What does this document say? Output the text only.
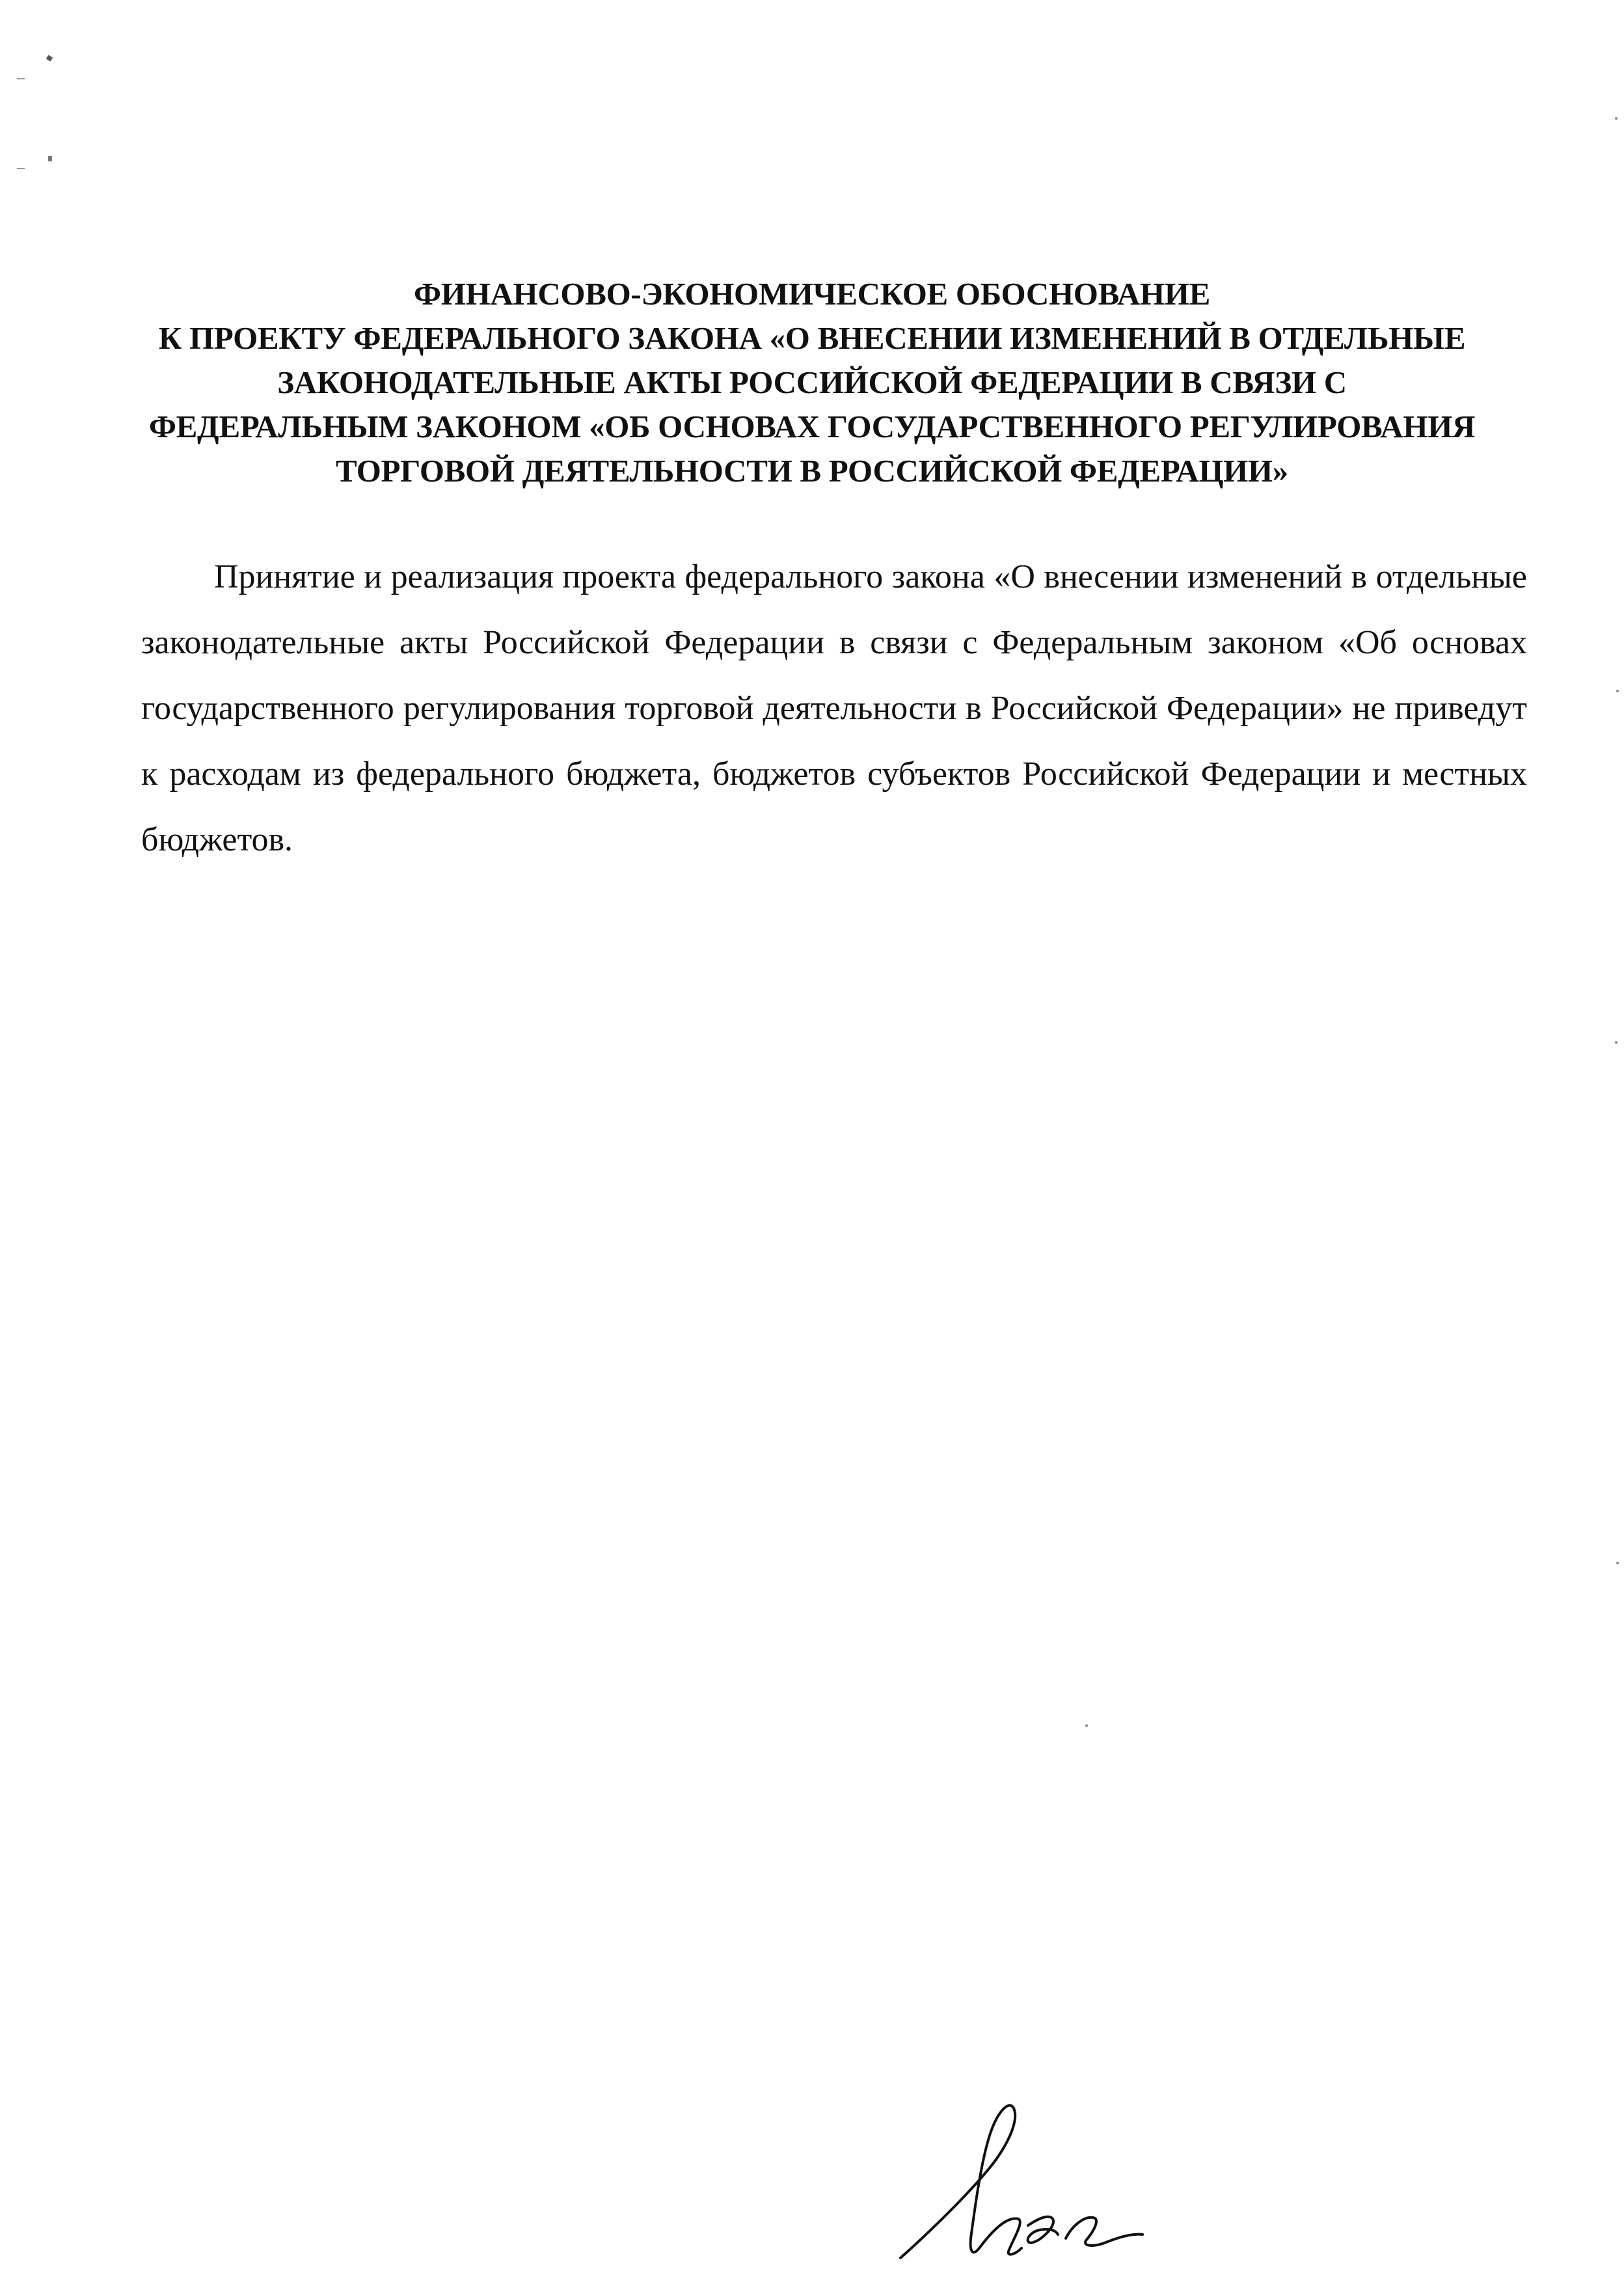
ФИНАНСОВО-ЭКОНОМИЧЕСКОЕ ОБОСНОВАНИЕ
К ПРОЕКТУ ФЕДЕРАЛЬНОГО ЗАКОНА «О ВНЕСЕНИИ ИЗМЕНЕНИЙ В ОТДЕЛЬНЫЕ
ЗАКОНОДАТЕЛЬНЫЕ АКТЫ РОССИЙСКОЙ ФЕДЕРАЦИИ В СВЯЗИ С
ФЕДЕРАЛЬНЫМ ЗАКОНОМ «ОБ ОСНОВАХ ГОСУДАРСТВЕННОГО РЕГУЛИРОВАНИЯ
ТОРГОВОЙ ДЕЯТЕЛЬНОСТИ В РОССИЙСКОЙ ФЕДЕРАЦИИ»

Принятие и реализация проекта федерального закона «О внесении изменений в отдельные законодательные акты Российской Федерации в связи с Федеральным законом «Об основах государственного регулирования торговой деятельности в Российской Федерации» не приведут к расходам из федерального бюджета, бюджетов субъектов Российской Федерации и местных бюджетов.
